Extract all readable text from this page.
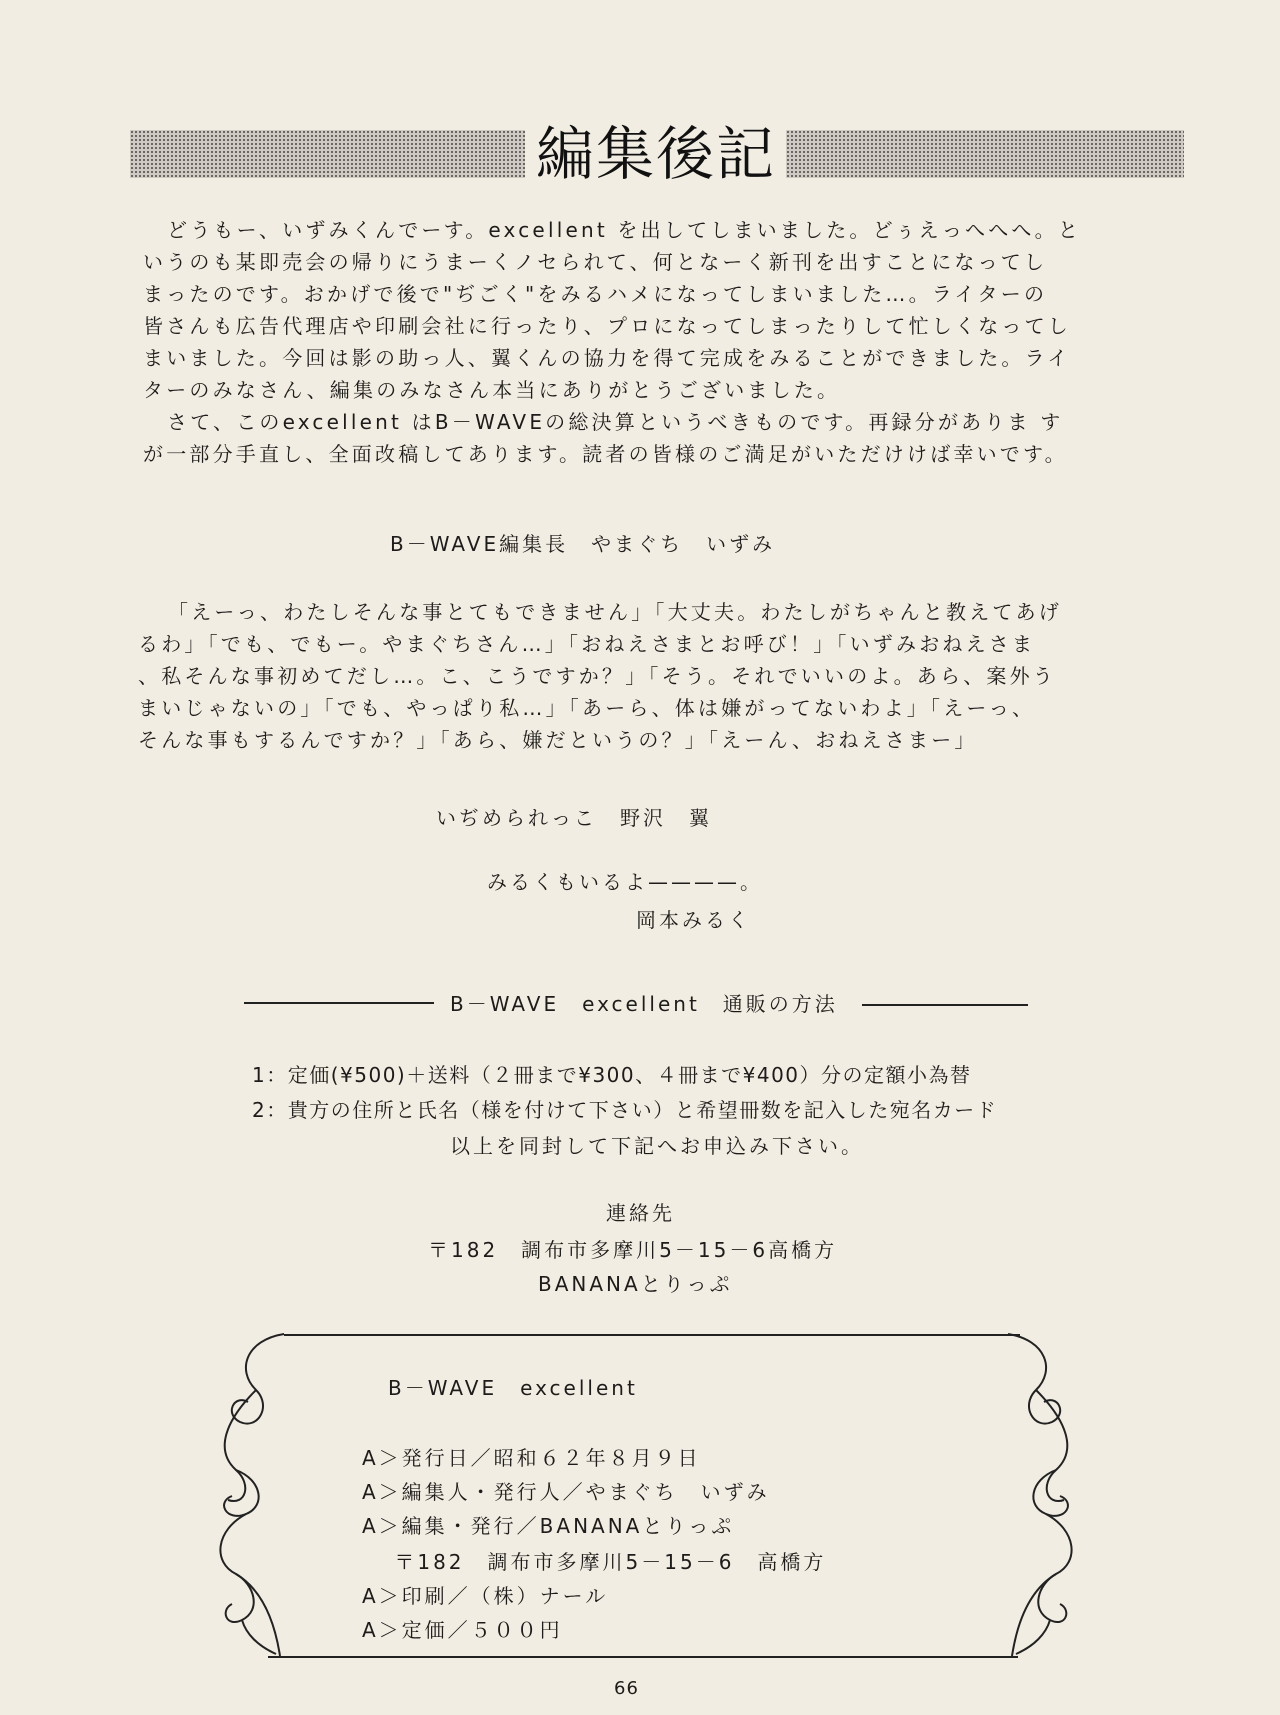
編集後記
どうもー、いずみくんでーす。excellent を出してしまいました。どぅえっへへへ。と
いうのも某即売会の帰りにうまーくノセられて、何となーく新刊を出すことになってし
まったのです。おかげで後で"ぢごく"をみるハメになってしまいました…。ライターの
皆さんも広告代理店や印刷会社に行ったり、プロになってしまったりして忙しくなってし
まいました。今回は影の助っ人、翼くんの協力を得て完成をみることができました。ライ
ターのみなさん、編集のみなさん本当にありがとうございました。
さて、このexcellent はB－WAVEの総決算というべきものです。再録分がありま す
が一部分手直し、全面改稿してあります。読者の皆様のご満足がいただけけば幸いです。
B－WAVE編集長　やまぐち　いずみ
「えーっ、わたしそんな事とてもできません」「大丈夫。わたしがちゃんと教えてあげ
るわ」「でも、でもー。やまぐちさん…」「おねえさまとお呼び！」「いずみおねえさま
、私そんな事初めてだし…。こ、こうですか？」「そう。それでいいのよ。あら、案外う
まいじゃないの」「でも、やっぱり私…」「あーら、体は嫌がってないわよ」「えーっ、
そんな事もするんですか？」「あら、嫌だというの？」「えーん、おねえさまー」
いぢめられっこ　野沢　翼
みるくもいるよ————。
岡本みるく
B－WAVE　excellent　通販の方法
1：定価(¥500)＋送料（２冊まで¥300、４冊まで¥400）分の定額小為替
2：貴方の住所と氏名（様を付けて下さい）と希望冊数を記入した宛名カード
以上を同封して下記へお申込み下さい。
連絡先
〒182　調布市多摩川5－15－6高橋方
BANANAとりっぷ
B－WAVE　excellent
A＞発行日／昭和６２年８月９日
A＞編集人・発行人／やまぐち　いずみ
A＞編集・発行／BANANAとりっぷ
　 〒182　調布市多摩川5－15－6　高橋方
A＞印刷／（株）ナール
A＞定価／５００円
66
